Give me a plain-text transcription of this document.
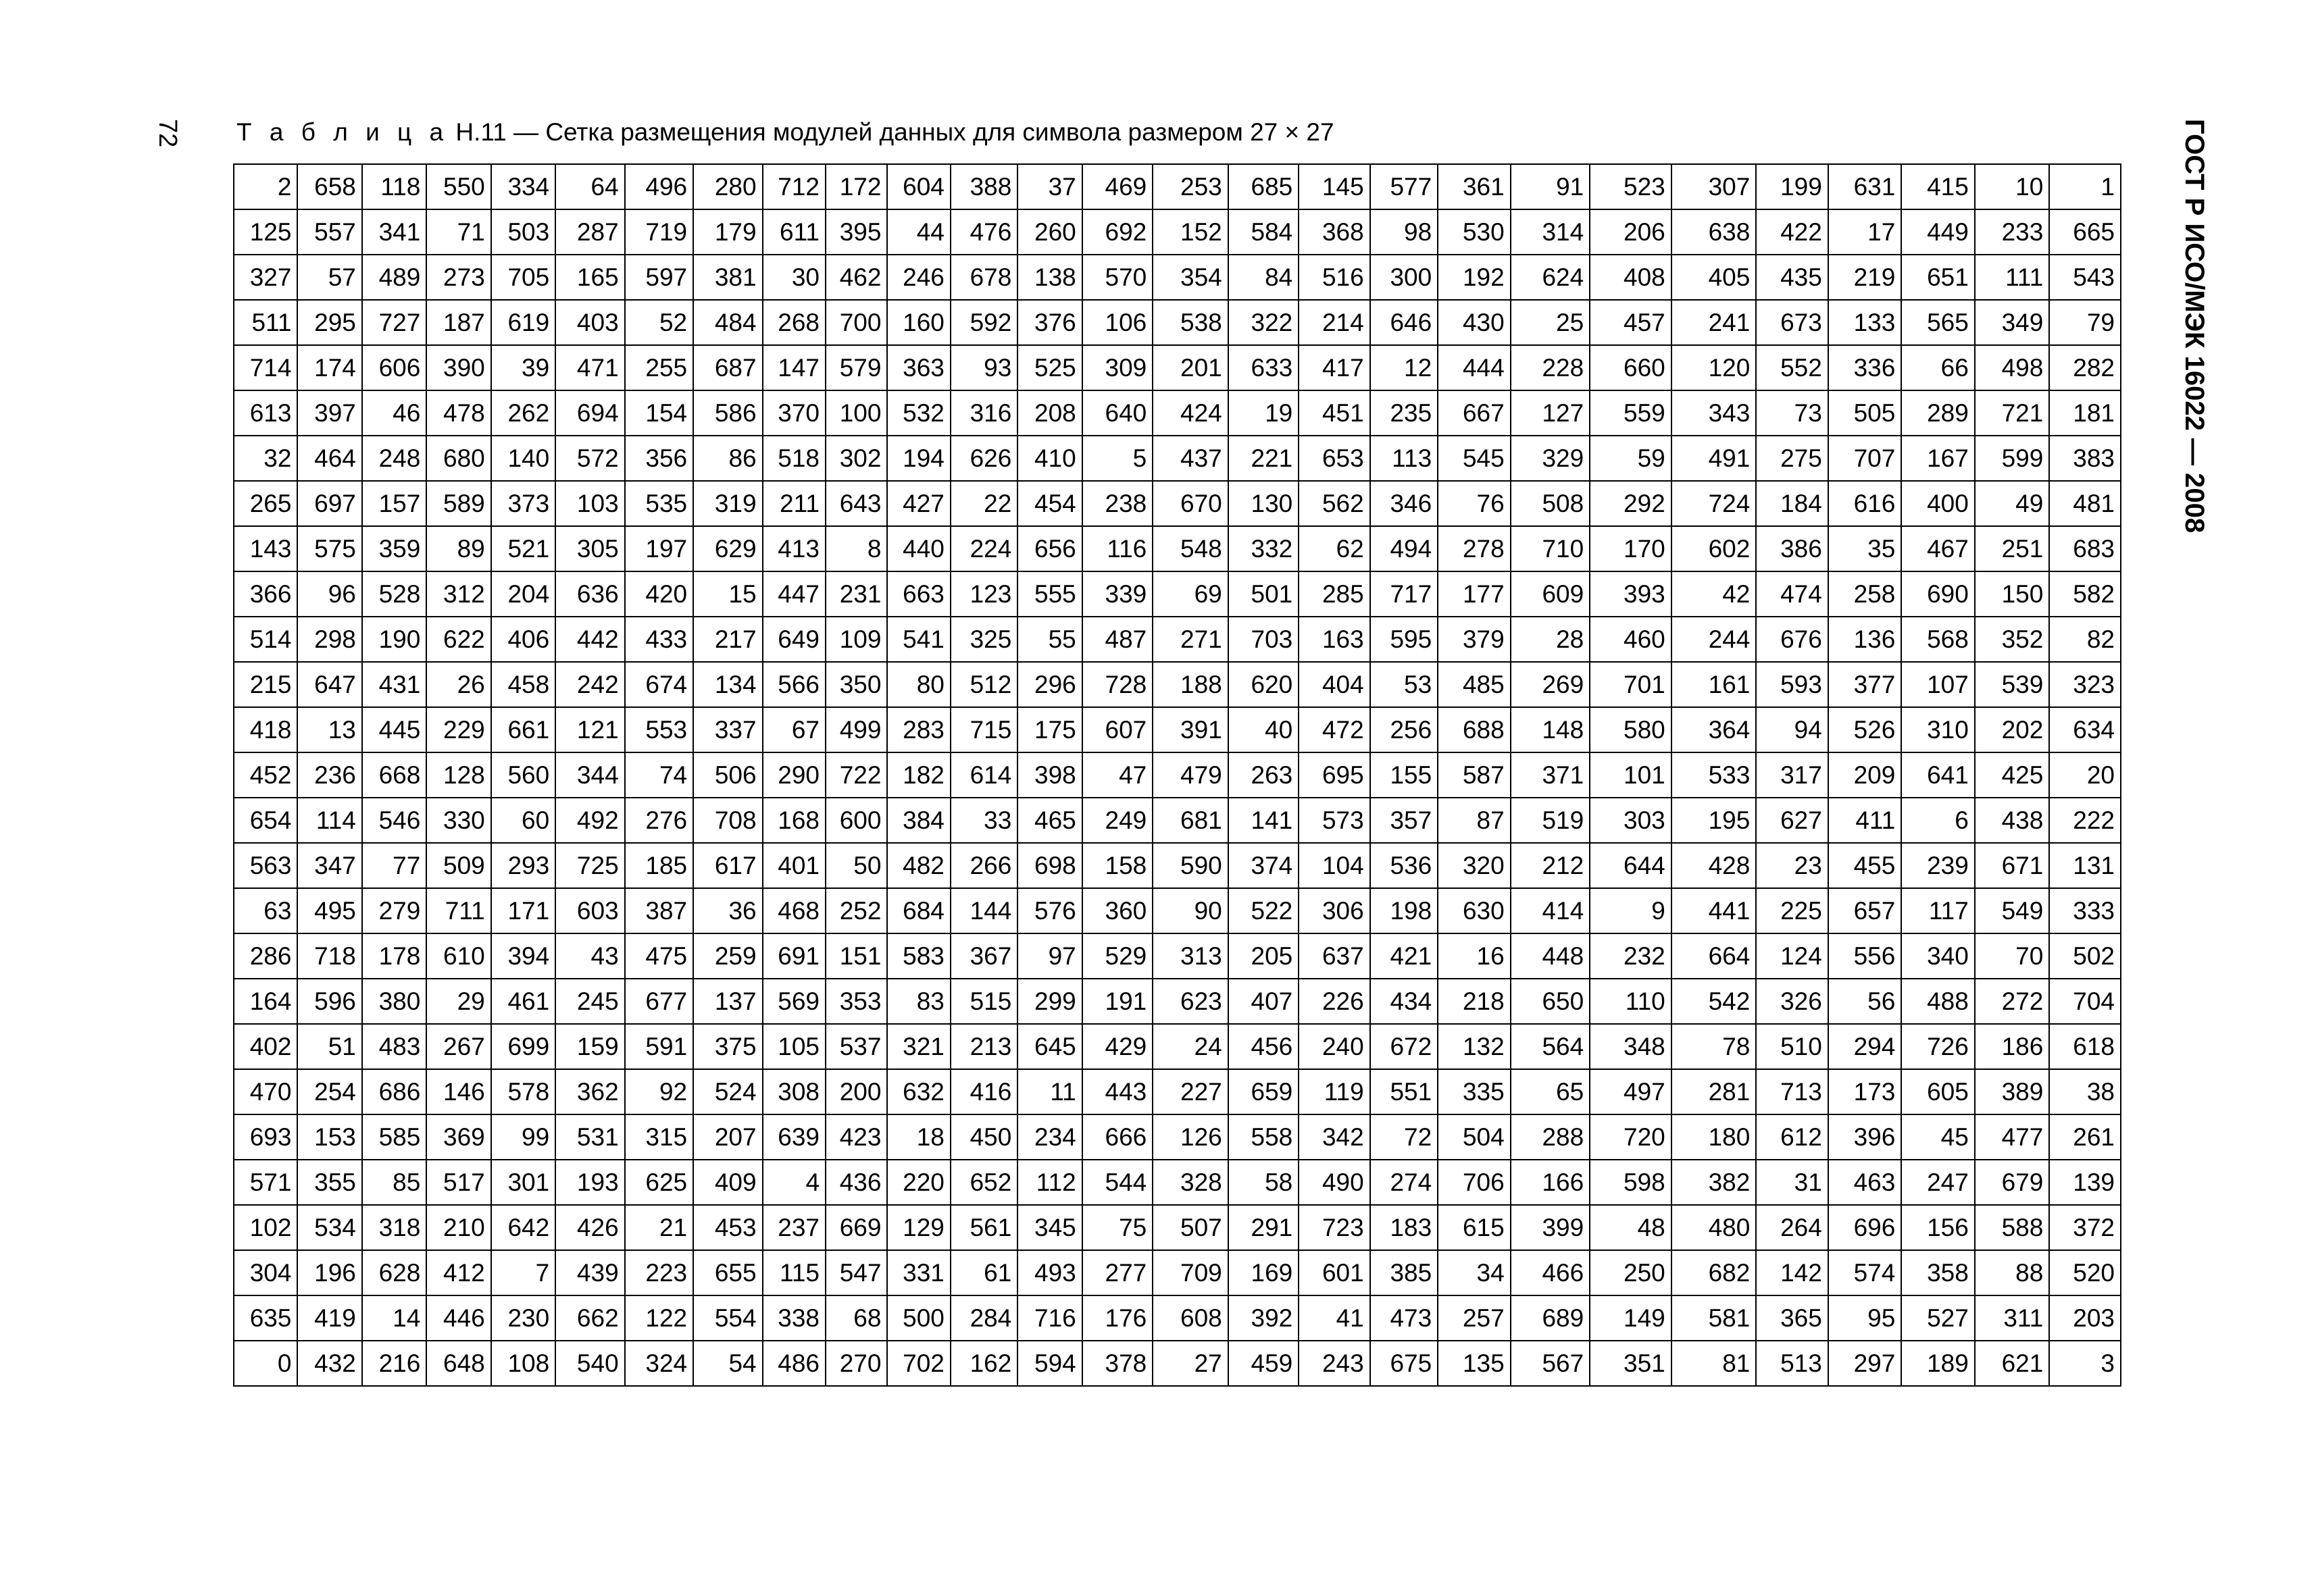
72 Т а б л и ц а Н.11 — Сетка размещения модулей данных для символа размером 27 × 27	ГОСТ Р ИСО/МЭК 16022 — 2008
2	658	118	550	334	64	496	280	712	172	604	388	37	469	253	685	145	577	361	91	523	307	199	631	415	10	1
125	557	341	71	503	287	719	179	611	395	44	476	260	692	152	584	368	98	530	314	206	638	422	17	449	233	665
327	57	489	273	705	165	597	381	30	462	246	678	138	570	354	84	516	300	192	624	408	405	435	219	651	111	543
511	295	727	187	619	403	52	484	268	700	160	592	376	106	538	322	214	646	430	25	457	241	673	133	565	349	79
714	174	606	390	39	471	255	687	147	579	363	93	525	309	201	633	417	12	444	228	660	120	552	336	66	498	282
613	397	46	478	262	694	154	586	370	100	532	316	208	640	424	19	451	235	667	127	559	343	73	505	289	721	181
32	464	248	680	140	572	356	86	518	302	194	626	410	5	437	221	653	113	545	329	59	491	275	707	167	599	383
265	697	157	589	373	103	535	319	211	643	427	22	454	238	670	130	562	346	76	508	292	724	184	616	400	49	481
143	575	359	89	521	305	197	629	413	8	440	224	656	116	548	332	62	494	278	710	170	602	386	35	467	251	683
366	96	528	312	204	636	420	15	447	231	663	123	555	339	69	501	285	717	177	609	393	42	474	258	690	150	582
514	298	190	622	406	442	433	217	649	109	541	325	55	487	271	703	163	595	379	28	460	244	676	136	568	352	82
215	647	431	26	458	242	674	134	566	350	80	512	296	728	188	620	404	53	485	269	701	161	593	377	107	539	323
418	13	445	229	661	121	553	337	67	499	283	715	175	607	391	40	472	256	688	148	580	364	94	526	310	202	634
452	236	668	128	560	344	74	506	290	722	182	614	398	47	479	263	695	155	587	371	101	533	317	209	641	425	20
654	114	546	330	60	492	276	708	168	600	384	33	465	249	681	141	573	357	87	519	303	195	627	411	6	438	222
563	347	77	509	293	725	185	617	401	50	482	266	698	158	590	374	104	536	320	212	644	428	23	455	239	671	131
63	495	279	711	171	603	387	36	468	252	684	144	576	360	90	522	306	198	630	414	9	441	225	657	117	549	333
286	718	178	610	394	43	475	259	691	151	583	367	97	529	313	205	637	421	16	448	232	664	124	556	340	70	502
164	596	380	29	461	245	677	137	569	353	83	515	299	191	623	407	226	434	218	650	110	542	326	56	488	272	704
402	51	483	267	699	159	591	375	105	537	321	213	645	429	24	456	240	672	132	564	348	78	510	294	726	186	618
470	254	686	146	578	362	92	524	308	200	632	416	11	443	227	659	119	551	335	65	497	281	713	173	605	389	38
693	153	585	369	99	531	315	207	639	423	18	450	234	666	126	558	342	72	504	288	720	180	612	396	45	477	261
571	355	85	517	301	193	625	409	4	436	220	652	112	544	328	58	490	274	706	166	598	382	31	463	247	679	139
102	534	318	210	642	426	21	453	237	669	129	561	345	75	507	291	723	183	615	399	48	480	264	696	156	588	372
304	196	628	412	7	439	223	655	115	547	331	61	493	277	709	169	601	385	34	466	250	682	142	574	358	88	520
635	419	14	446	230	662	122	554	338	68	500	284	716	176	608	392	41	473	257	689	149	581	365	95	527	311	203
0	432	216	648	108	540	324	54	486	270	702	162	594	378	27	459	243	675	135	567	351	81	513	297	189	621	3
